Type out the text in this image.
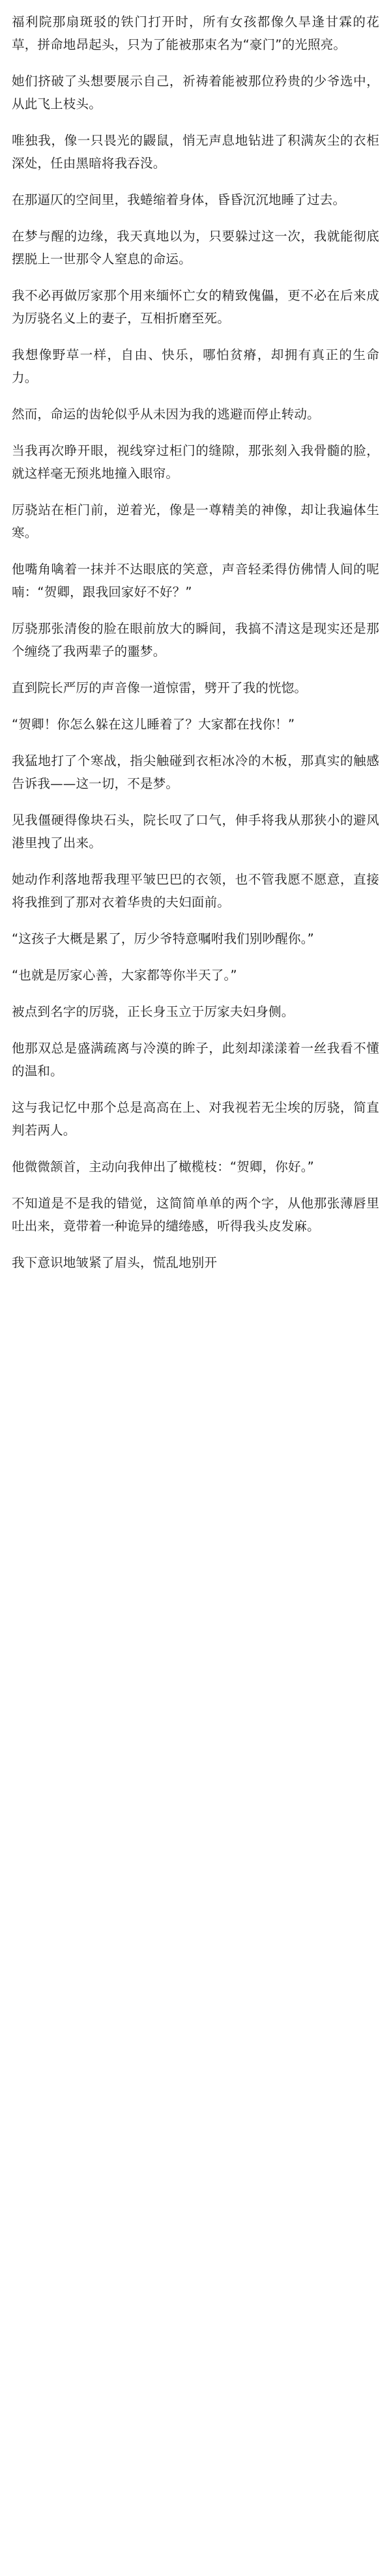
福利院那扇斑驳的铁门打开时，所有女孩都像久旱逢甘霖的花草，拼命地昂起头，只为了能被那束名为“豪门”的光照亮。

她们挤破了头想要展示自己，祈祷着能被那位矜贵的少爷选中，从此飞上枝头。

唯独我，像一只畏光的鼹鼠，悄无声息地钻进了积满灰尘的衣柜深处，任由黑暗将我吞没。

在那逼仄的空间里，我蜷缩着身体，昏昏沉沉地睡了过去。

在梦与醒的边缘，我天真地以为，只要躲过这一次，我就能彻底摆脱上一世那令人窒息的命运。

我不必再做厉家那个用来缅怀亡女的精致傀儡，更不必在后来成为厉骁名义上的妻子，互相折磨至死。

我想像野草一样，自由、快乐，哪怕贫瘠，却拥有真正的生命力。

然而，命运的齿轮似乎从未因为我的逃避而停止转动。

当我再次睁开眼，视线穿过柜门的缝隙，那张刻入我骨髓的脸，就这样毫无预兆地撞入眼帘。

厉骁站在柜门前，逆着光，像是一尊精美的神像，却让我遍体生寒。

他嘴角噙着一抹并不达眼底的笑意，声音轻柔得仿佛情人间的呢喃：“贺卿，跟我回家好不好？”

厉骁那张清俊的脸在眼前放大的瞬间，我搞不清这是现实还是那个缠绕了我两辈子的噩梦。

直到院长严厉的声音像一道惊雷，劈开了我的恍惚。

“贺卿！你怎么躲在这儿睡着了？大家都在找你！”

我猛地打了个寒战，指尖触碰到衣柜冰冷的木板，那真实的触感告诉我——这一切，不是梦。

见我僵硬得像块石头，院长叹了口气，伸手将我从那狭小的避风港里拽了出来。

她动作利落地帮我理平皱巴巴的衣领，也不管我愿不愿意，直接将我推到了那对衣着华贵的夫妇面前。

“这孩子大概是累了，厉少爷特意嘱咐我们别吵醒你。”

“也就是厉家心善，大家都等你半天了。”

被点到名字的厉骁，正长身玉立于厉家夫妇身侧。

他那双总是盛满疏离与冷漠的眸子，此刻却漾漾着一丝我看不懂的温和。

这与我记忆中那个总是高高在上、对我视若无尘埃的厉骁，简直判若两人。

他微微颔首，主动向我伸出了橄榄枝：“贺卿，你好。”

不知道是不是我的错觉，这简简单单的两个字，从他那张薄唇里吐出来，竟带着一种诡异的缱绻感，听得我头皮发麻。

我下意识地皱紧了眉头，慌乱地别开
